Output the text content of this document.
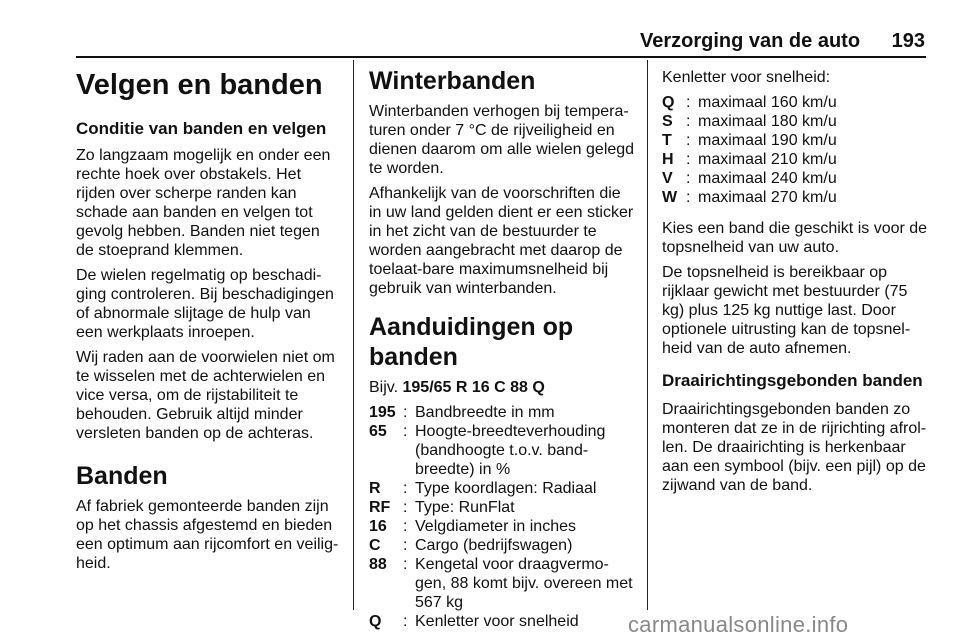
Verzorging van de auto 193
Velgen en banden
Conditie van banden en velgen

Zo langzaam mogelijk en onder een rechte hoek over obstakels. Het rijden over scherpe randen kan schade aan banden en velgen tot gevolg hebben. Banden niet tegen de stoeprand klemmen.

De wielen regelmatig op beschadi-ging controleren. Bij beschadigingen of abnormale slijtage de hulp van een werkplaats inroepen.

Wij raden aan de voorwielen niet om te wisselen met de achterwielen en vice versa, om de rijstabiliteit te behouden. Gebruik altijd minder versleten banden op de achteras.

Banden

Af fabriek gemonteerde banden zijn op het chassis afgestemd en bieden een optimum aan rijcomfort en veilig-heid.

Winterbanden

Winterbanden verhogen bij tempera-turen onder 7 °C de rijveiligheid en dienen daarom om alle wielen gelegd te worden.

Afhankelijk van de voorschriften die in uw land gelden dient er een sticker in het zicht van de bestuurder te worden aangebracht met daarop de toelaat-bare maximumsnelheid bij gebruik van winterbanden.

Aanduidingen op banden

Bijv. 195/65 R 16 C 88 Q

195 : Bandbreedte in mm
65	: Hoogte-breedteverhouding (bandhoogte t.o.v. band-breedte) in %
R	: Type koordlagen: Radiaal
RF : Type: RunFlat
16	: Velgdiameter in inches
C	: Cargo (bedrijfswagen)
88	: Kengetal voor draagvermo-gen, 88 komt bijv. overeen met 567 kg
Q	: Kenletter voor snelheid

Kenletter voor snelheid:

Q : maximaal 160 km/u
S : maximaal 180 km/u
T : maximaal 190 km/u
H : maximaal 210 km/u
V : maximaal 240 km/u
W : maximaal 270 km/u

Kies een band die geschikt is voor de topsnelheid van uw auto.

De topsnelheid is bereikbaar op rijklaar gewicht met bestuurder (75 kg) plus 125 kg nuttige last. Door optionele uitrusting kan de topsnel-heid van de auto afnemen.

Draairichtingsgebonden banden

Draairichtingsgebonden banden zo monteren dat ze in de rijrichting afrol-len. De draairichting is herkenbaar aan een symbool (bijv. een pijl) op de zijwand van de band.

carmanualsonline.info
